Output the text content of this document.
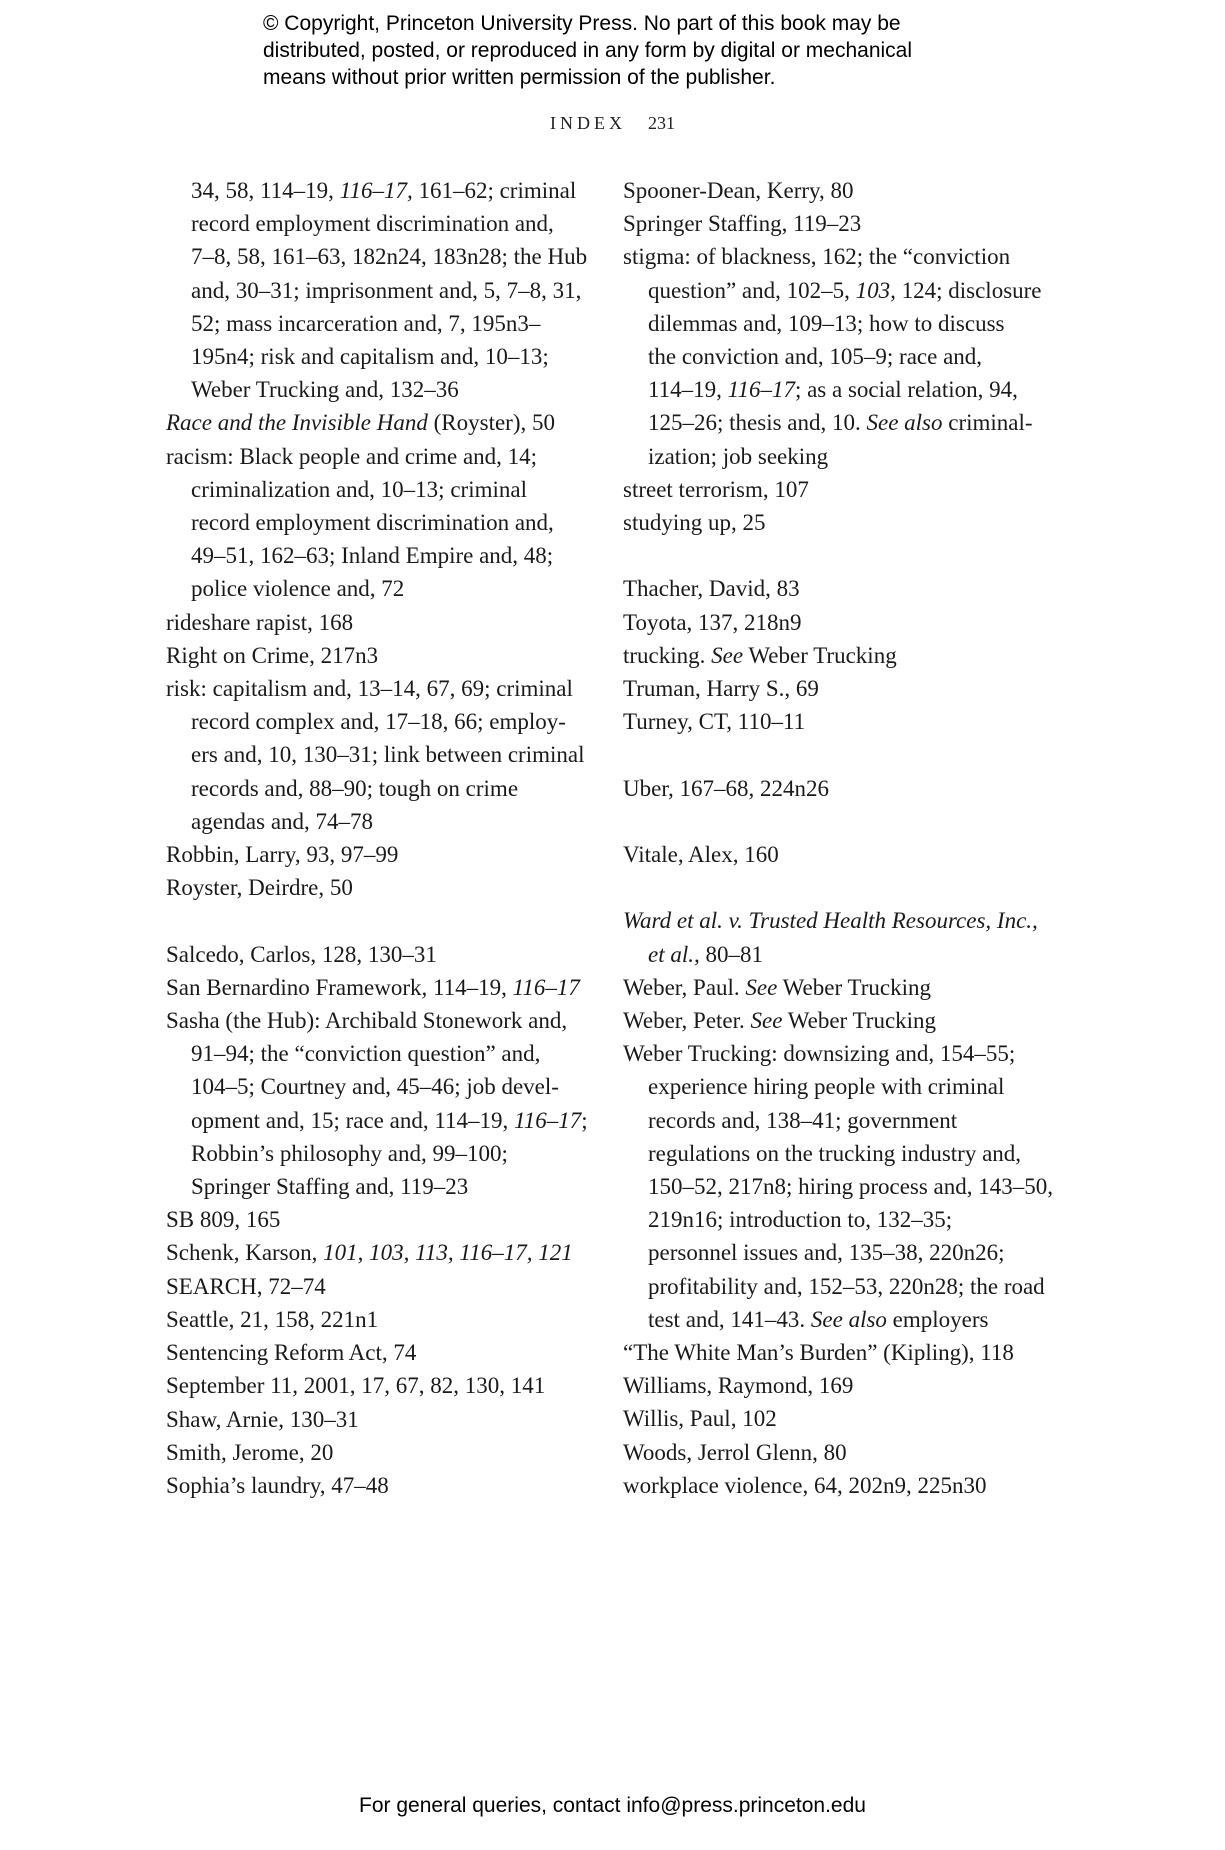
© Copyright, Princeton University Press. No part of this book may be
distributed, posted, or reproduced in any form by digital or mechanical
means without prior written permission of the publisher.
INDEX 231
34, 58, 114–19, 116–17, 161–62; criminal
record employment discrimination and,
7–8, 58, 161–63, 182n24, 183n28; the Hub
and, 30–31; imprisonment and, 5, 7–8, 31,
52; mass incarceration and, 7, 195n3–
195n4; risk and capitalism and, 10–13;
Weber Trucking and, 132–36
Race and the Invisible Hand (Royster), 50
racism: Black people and crime and, 14;
criminalization and, 10–13; criminal
record employment discrimination and,
49–51, 162–63; Inland Empire and, 48;
police violence and, 72
rideshare rapist, 168
Right on Crime, 217n3
risk: capitalism and, 13–14, 67, 69; criminal
record complex and, 17–18, 66; employ-
ers and, 10, 130–31; link between criminal
records and, 88–90; tough on crime
agendas and, 74–78
Robbin, Larry, 93, 97–99
Royster, Deirdre, 50
Salcedo, Carlos, 128, 130–31
San Bernardino Framework, 114–19, 116–17
Sasha (the Hub): Archibald Stonework and,
91–94; the “conviction question” and,
104–5; Courtney and, 45–46; job devel-
opment and, 15; race and, 114–19, 116–17;
Robbin’s philosophy and, 99–100;
Springer Staffing and, 119–23
SB 809, 165
Schenk, Karson, 101, 103, 113, 116–17, 121
SEARCH, 72–74
Seattle, 21, 158, 221n1
Sentencing Reform Act, 74
September 11, 2001, 17, 67, 82, 130, 141
Shaw, Arnie, 130–31
Smith, Jerome, 20
Sophia’s laundry, 47–48
Spooner-Dean, Kerry, 80
Springer Staffing, 119–23
stigma: of blackness, 162; the “conviction
question” and, 102–5, 103, 124; disclosure
dilemmas and, 109–13; how to discuss
the conviction and, 105–9; race and,
114–19, 116–17; as a social relation, 94,
125–26; thesis and, 10. See also criminal-
ization; job seeking
street terrorism, 107
studying up, 25
Thacher, David, 83
Toyota, 137, 218n9
trucking. See Weber Trucking
Truman, Harry S., 69
Turney, CT, 110–11
Uber, 167–68, 224n26
Vitale, Alex, 160
Ward et al. v. Trusted Health Resources, Inc.,
et al., 80–81
Weber, Paul. See Weber Trucking
Weber, Peter. See Weber Trucking
Weber Trucking: downsizing and, 154–55;
experience hiring people with criminal
records and, 138–41; government
regulations on the trucking industry and,
150–52, 217n8; hiring process and, 143–50,
219n16; introduction to, 132–35;
personnel issues and, 135–38, 220n26;
profitability and, 152–53, 220n28; the road
test and, 141–43. See also employers
“The White Man’s Burden” (Kipling), 118
Williams, Raymond, 169
Willis, Paul, 102
Woods, Jerrol Glenn, 80
workplace violence, 64, 202n9, 225n30
For general queries, contact info@press.princeton.edu
